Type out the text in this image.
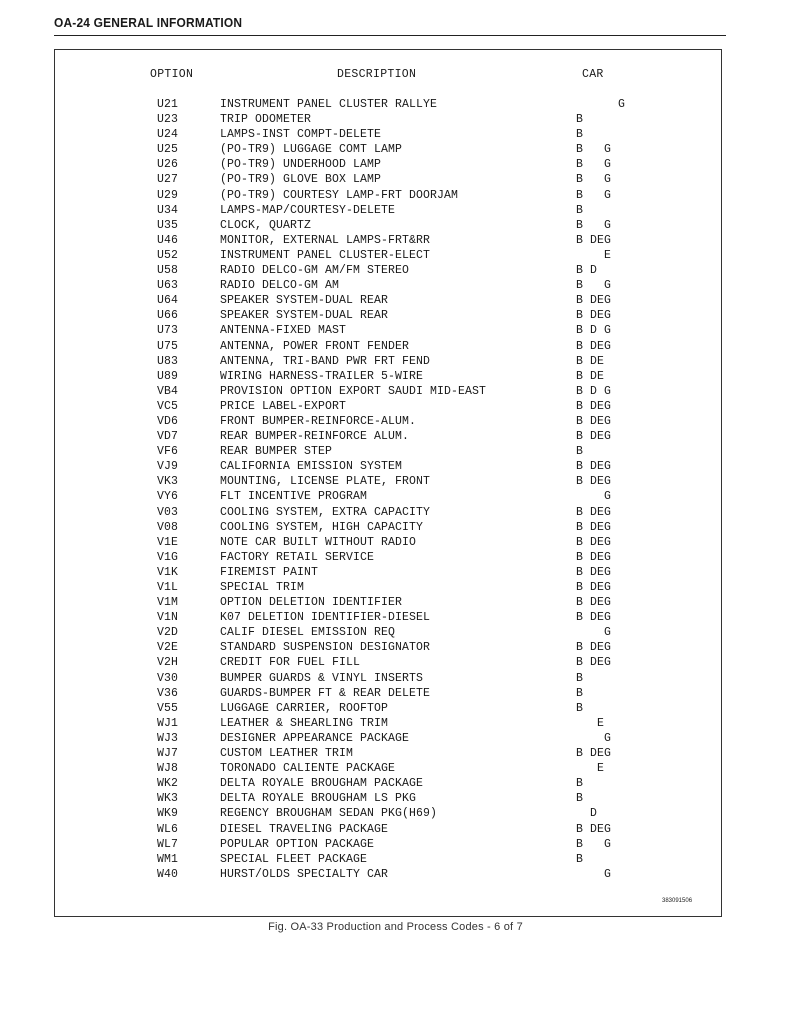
OA-24 GENERAL INFORMATION
OPTION	DESCRIPTION	CAR
U21	INSTRUMENT PANEL CLUSTER RALLYE	G
U23	TRIP ODOMETER	B
U24	LAMPS-INST COMPT-DELETE	B
U25	(PO-TR9) LUGGAGE COMT LAMP	B   G
U26	(PO-TR9) UNDERHOOD LAMP	B   G
U27	(PO-TR9) GLOVE BOX LAMP	B   G
U29	(PO-TR9) COURTESY LAMP-FRT DOORJAM	B   G
U34	LAMPS-MAP/COURTESY-DELETE	B
U35	CLOCK, QUARTZ	B   G
U46	MONITOR, EXTERNAL LAMPS-FRT&RR	B DEG
U52	INSTRUMENT PANEL CLUSTER-ELECT	E
U58	RADIO DELCO-GM AM/FM STEREO	B D
U63	RADIO DELCO-GM AM	B   G
U64	SPEAKER SYSTEM-DUAL REAR	B DEG
U66	SPEAKER SYSTEM-DUAL REAR	B DEG
U73	ANTENNA-FIXED MAST	B D G
U75	ANTENNA, POWER FRONT FENDER	B DEG
U83	ANTENNA, TRI-BAND PWR FRT FEND	B DE
U89	WIRING HARNESS-TRAILER 5-WIRE	B DE
VB4	PROVISION OPTION EXPORT SAUDI MID-EAST	B D G
VC5	PRICE LABEL-EXPORT	B DEG
VD6	FRONT BUMPER-REINFORCE-ALUM.	B DEG
VD7	REAR BUMPER-REINFORCE ALUM.	B DEG
VF6	REAR BUMPER STEP	B
VJ9	CALIFORNIA EMISSION SYSTEM	B DEG
VK3	MOUNTING, LICENSE PLATE, FRONT	B DEG
VY6	FLT INCENTIVE PROGRAM	G
V03	COOLING SYSTEM, EXTRA CAPACITY	B DEG
V08	COOLING SYSTEM, HIGH CAPACITY	B DEG
V1E	NOTE CAR BUILT WITHOUT RADIO	B DEG
V1G	FACTORY RETAIL SERVICE	B DEG
V1K	FIREMIST PAINT	B DEG
V1L	SPECIAL TRIM	B DEG
V1M	OPTION DELETION IDENTIFIER	B DEG
V1N	K07 DELETION IDENTIFIER-DIESEL	B DEG
V2D	CALIF DIESEL EMISSION REQ	G
V2E	STANDARD SUSPENSION DESIGNATOR	B DEG
V2H	CREDIT FOR FUEL FILL	B DEG
V30	BUMPER GUARDS & VINYL INSERTS	B
V36	GUARDS-BUMPER FT & REAR DELETE	B
V55	LUGGAGE CARRIER, ROOFTOP	B
WJ1	LEATHER & SHEARLING TRIM	E
WJ3	DESIGNER APPEARANCE PACKAGE	G
WJ7	CUSTOM LEATHER TRIM	B DEG
WJ8	TORONADO CALIENTE PACKAGE	E
WK2	DELTA ROYALE BROUGHAM PACKAGE	B
WK3	DELTA ROYALE BROUGHAM LS PKG	B
WK9	REGENCY BROUGHAM SEDAN PKG(H69)	D
WL6	DIESEL TRAVELING PACKAGE	B DEG
WL7	POPULAR OPTION PACKAGE	B   G
WM1	SPECIAL FLEET PACKAGE	B
W40	HURST/OLDS SPECIALTY CAR	G
383091506
Fig. OA-33 Production and Process Codes - 6 of 7
